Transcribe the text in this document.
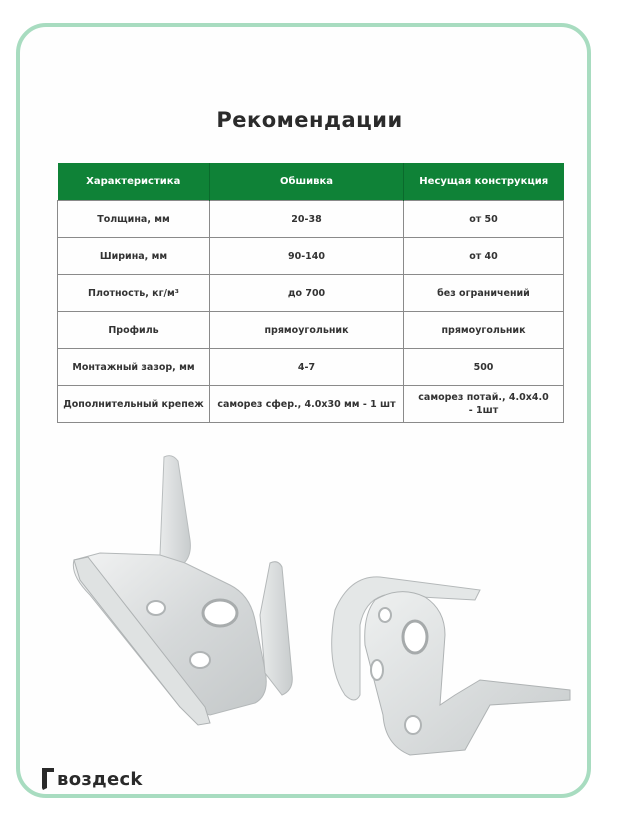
Рекомендации
Характеристика	Обшивка	Несущая конструкция
Толщина, мм	20-38	от 50
Ширина, мм	90-140	от 40
Плотность, кг/м³	до 700	без ограничений
Профиль	прямоугольник	прямоугольник
Монтажный зазор, мм	4-7	500
Дополнительный крепеж	саморез сфер., 4.0x30 мм - 1 шт	саморез потай., 4.0x4.0 - 1шт
воздeck
